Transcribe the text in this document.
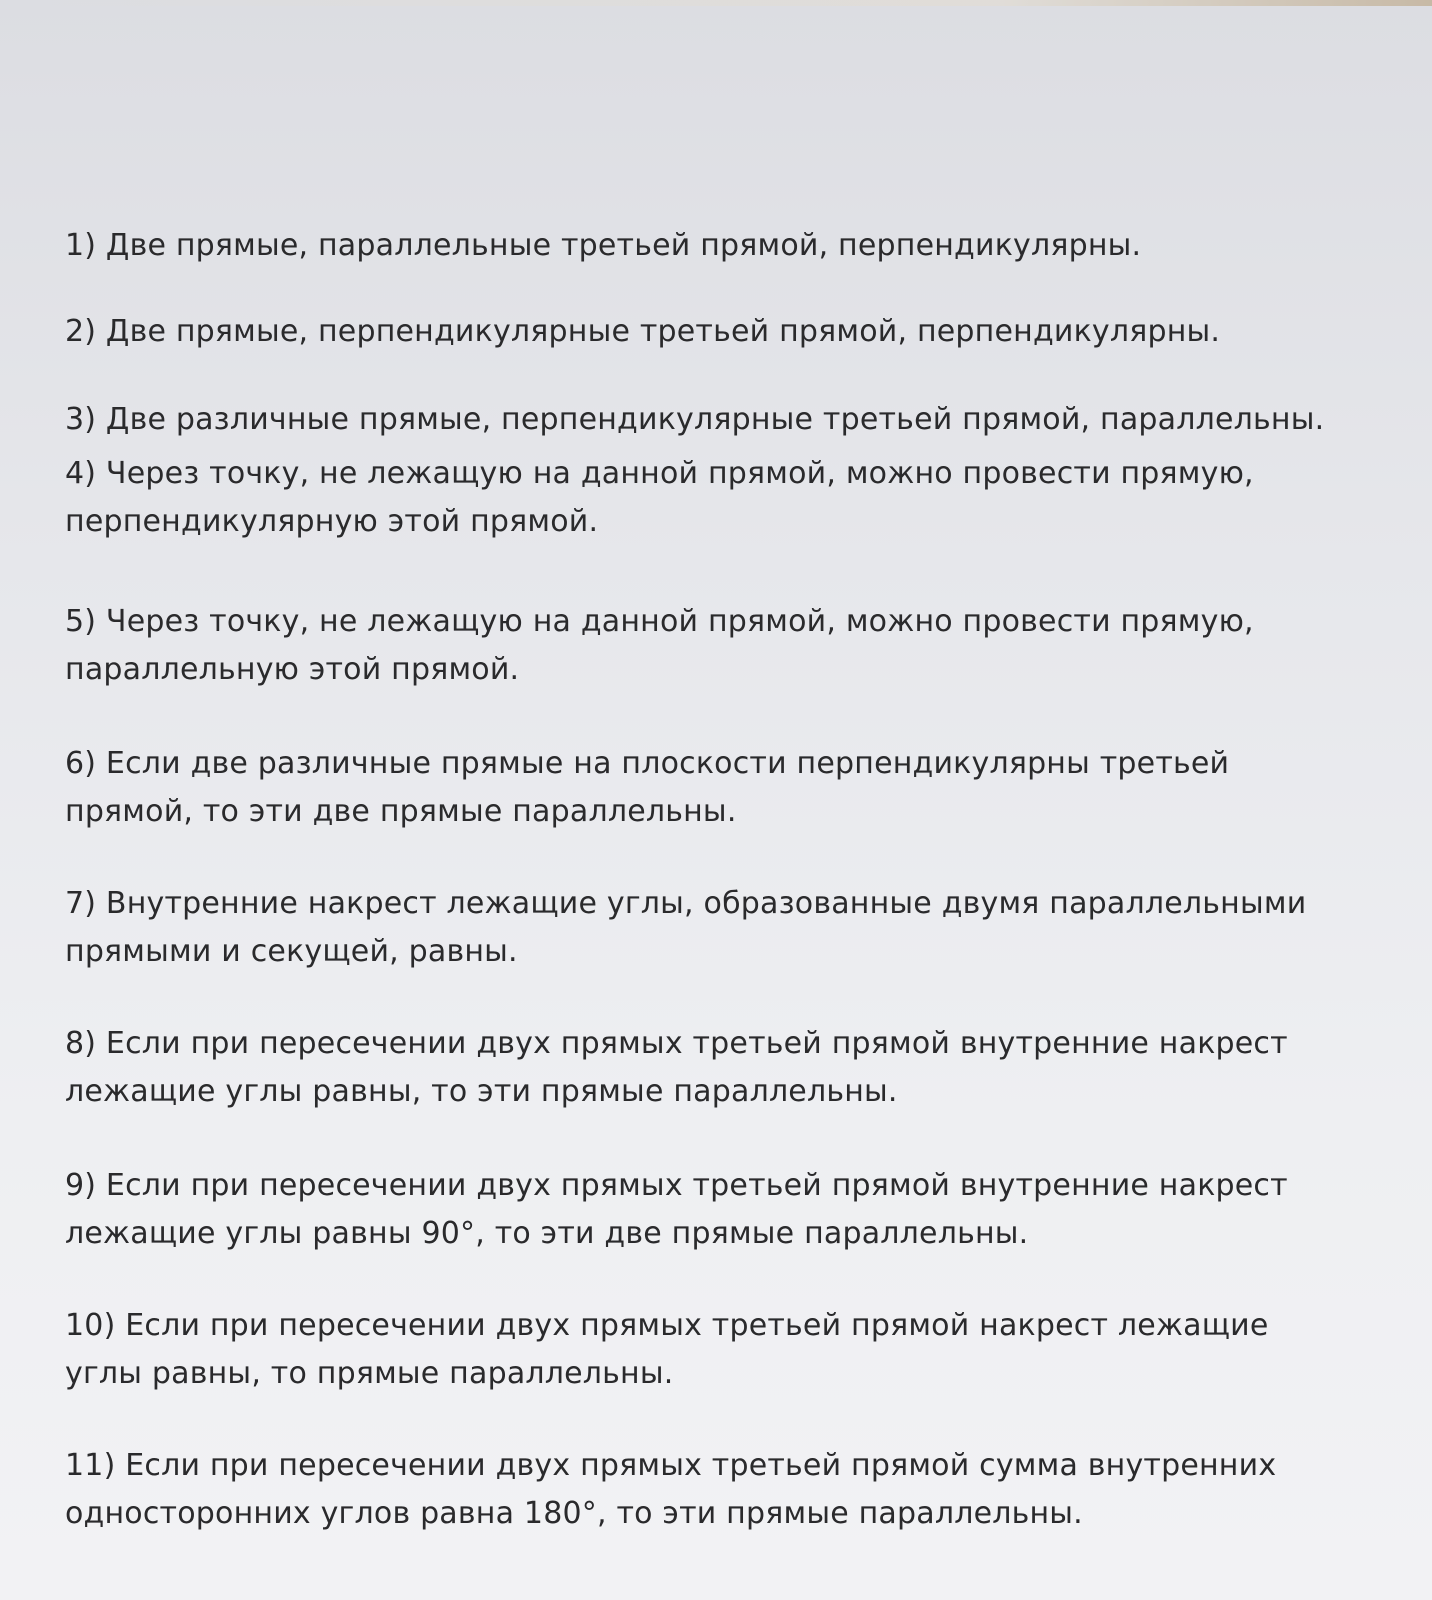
1) Две прямые, параллельные третьей прямой, перпендикулярны.
2) Две прямые, перпендикулярные третьей прямой, перпендикулярны.
3) Две различные прямые, перпендикулярные третьей прямой, параллельны.
4) Через точку, не лежащую на данной прямой, можно провести прямую,
перпендикулярную этой прямой.
5) Через точку, не лежащую на данной прямой, можно провести прямую,
параллельную этой прямой.
6) Если две различные прямые на плоскости перпендикулярны третьей
прямой, то эти две прямые параллельны.
7) Внутренние накрест лежащие углы, образованные двумя параллельными
прямыми и секущей, равны.
8) Если при пересечении двух прямых третьей прямой внутренние накрест
лежащие углы равны, то эти прямые параллельны.
9) Если при пересечении двух прямых третьей прямой внутренние накрест
лежащие углы равны 90°, то эти две прямые параллельны.
10) Если при пересечении двух прямых третьей прямой накрест лежащие
углы равны, то прямые параллельны.
11) Если при пересечении двух прямых третьей прямой сумма внутренних
односторонних углов равна 180°, то эти прямые параллельны.
